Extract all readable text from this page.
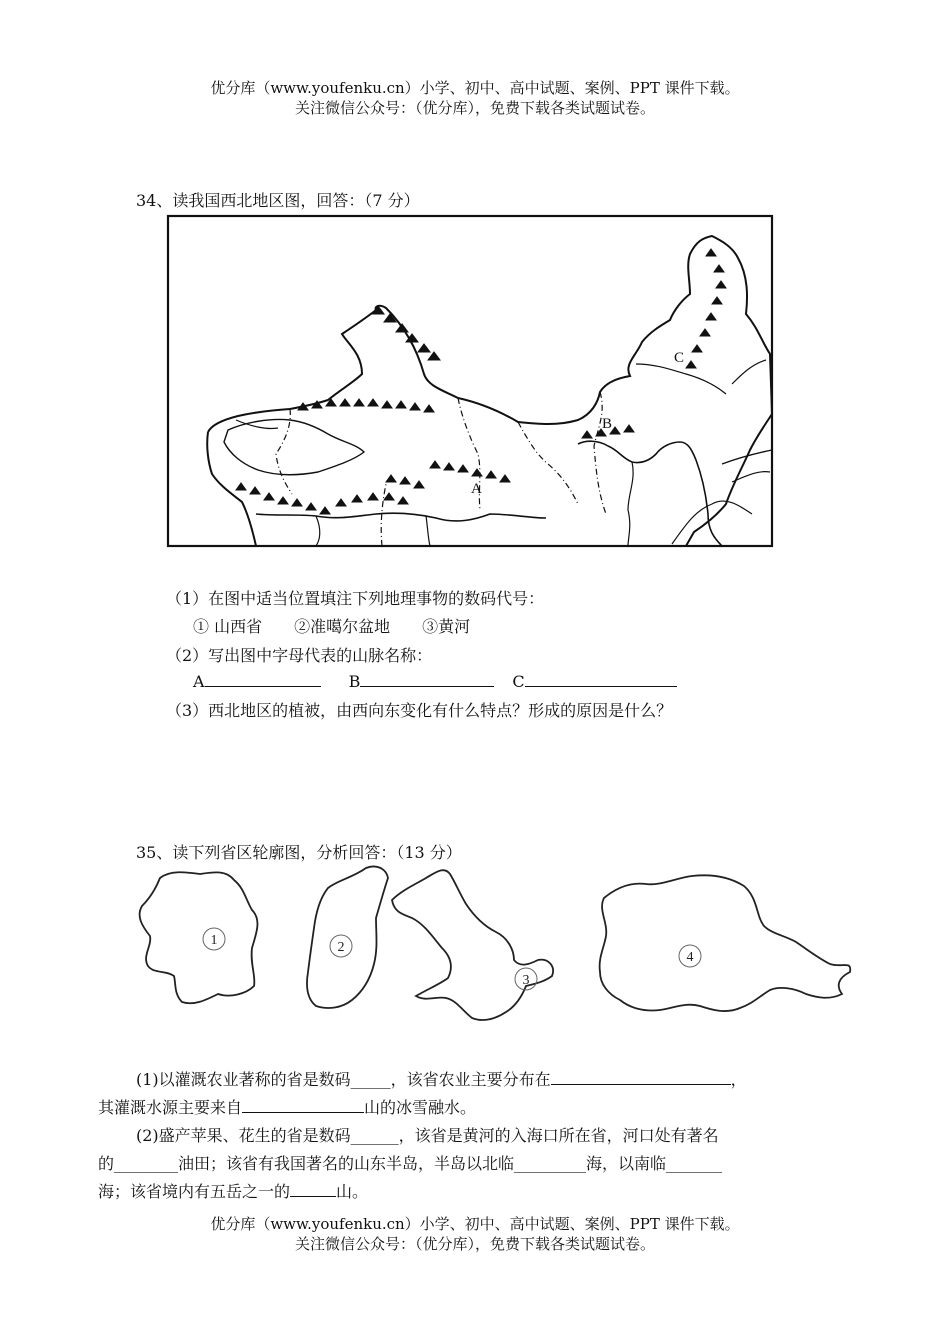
优分库（www.youfenku.cn）小学、初中、高中试题、案例、PPT 课件下载。
关注微信公众号：（优分库），免费下载各类试题试卷。
34、读我国西北地区图，回答：（7 分）
A
B
C
（1）在图中适当位置填注下列地理事物的数码代号：
① 山西省　　②准噶尔盆地　　③黄河
（2）写出图中字母代表的山脉名称：
A	B	C
（3）西北地区的植被，由西向东变化有什么特点？形成的原因是什么？
35、读下列省区轮廓图，分析回答：（13 分）
1	2
3
4
(1)以灌溉农业著称的省是数码_____，该省农业主要分布在	，
其灌溉水源主要来自	山的冰雪融水。
(2)盛产苹果、花生的省是数码______，该省是黄河的入海口所在省，河口处有著名
的________油田；该省有我国著名的山东半岛，半岛以北临_________海，以南临_______
海；该省境内有五岳之一的	山。
优分库（www.youfenku.cn）小学、初中、高中试题、案例、PPT 课件下载。
关注微信公众号：（优分库），免费下载各类试题试卷。
